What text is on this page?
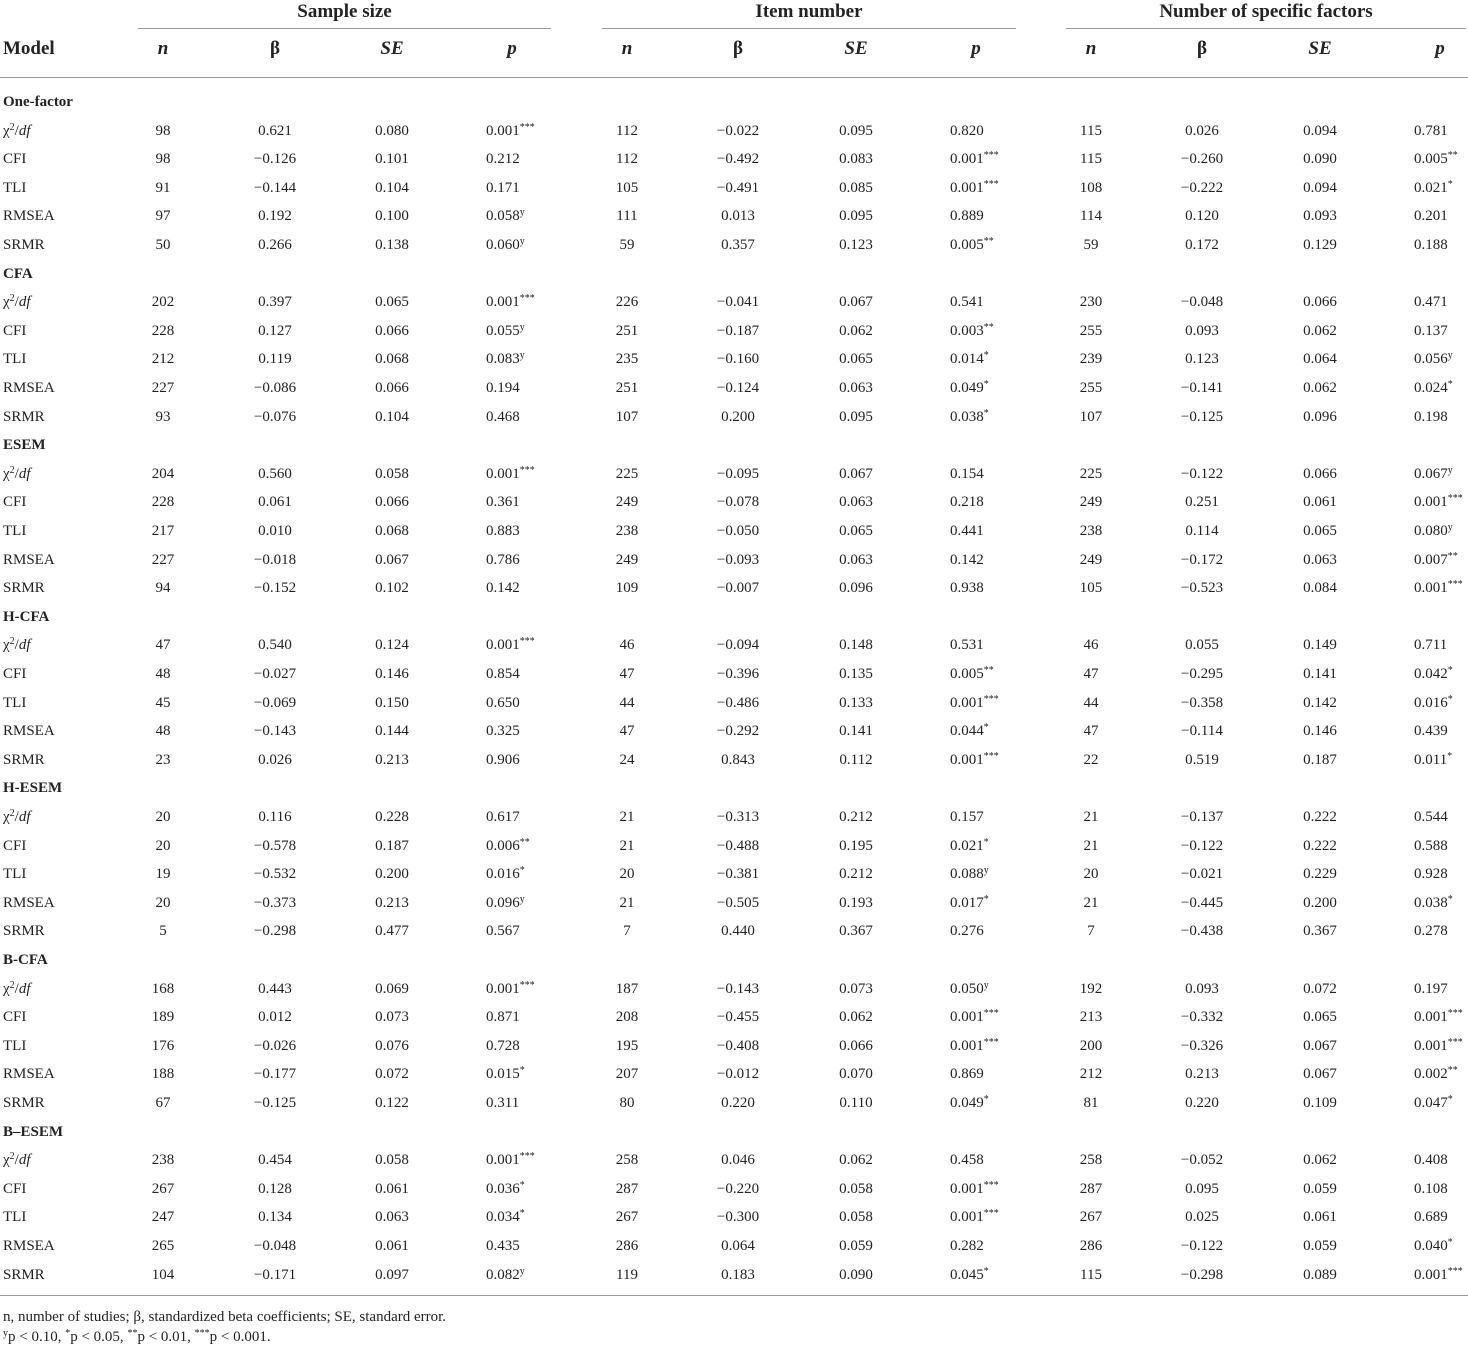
Sample size	Item number	Number of specific factors
Model	n	β	SE	p	n	β	SE	p	n	β	SE	p
One-factor
$\chi^2/df$	98	0.621	0.080	0.001***	112	−0.022	0.095	0.820	115	0.026	0.094	0.781
CFI	98	−0.126	0.101	0.212	112	−0.492	0.083	0.001***	115	−0.260	0.090	0.005**
TLI	91	−0.144	0.104	0.171	105	−0.491	0.085	0.001***	108	−0.222	0.094	0.021*
RMSEA	97	0.192	0.100	0.058$^y$	111	0.013	0.095	0.889	114	0.120	0.093	0.201
SRMR	50	0.266	0.138	0.060$^y$	59	0.357	0.123	0.005**	59	0.172	0.129	0.188
CFA
$\chi^2/df$	202	0.397	0.065	0.001***	226	−0.041	0.067	0.541	230	−0.048	0.066	0.471
CFI	228	0.127	0.066	0.055$^y$	251	−0.187	0.062	0.003**	255	0.093	0.062	0.137
TLI	212	0.119	0.068	0.083$^y$	235	−0.160	0.065	0.014*	239	0.123	0.064	0.056$^y$
RMSEA	227	−0.086	0.066	0.194	251	−0.124	0.063	0.049*	255	−0.141	0.062	0.024*
SRMR	93	−0.076	0.104	0.468	107	0.200	0.095	0.038*	107	−0.125	0.096	0.198
ESEM
$\chi^2/df$	204	0.560	0.058	0.001***	225	−0.095	0.067	0.154	225	−0.122	0.066	0.067$^y$
CFI	228	0.061	0.066	0.361	249	−0.078	0.063	0.218	249	0.251	0.061	0.001***
TLI	217	0.010	0.068	0.883	238	−0.050	0.065	0.441	238	0.114	0.065	0.080$^y$
RMSEA	227	−0.018	0.067	0.786	249	−0.093	0.063	0.142	249	−0.172	0.063	0.007**
SRMR	94	−0.152	0.102	0.142	109	−0.007	0.096	0.938	105	−0.523	0.084	0.001***
H-CFA
$\chi^2/df$	47	0.540	0.124	0.001***	46	−0.094	0.148	0.531	46	0.055	0.149	0.711
CFI	48	−0.027	0.146	0.854	47	−0.396	0.135	0.005**	47	−0.295	0.141	0.042*
TLI	45	−0.069	0.150	0.650	44	−0.486	0.133	0.001***	44	−0.358	0.142	0.016*
RMSEA	48	−0.143	0.144	0.325	47	−0.292	0.141	0.044*	47	−0.114	0.146	0.439
SRMR	23	0.026	0.213	0.906	24	0.843	0.112	0.001***	22	0.519	0.187	0.011*
H-ESEM
$\chi^2/df$	20	0.116	0.228	0.617	21	−0.313	0.212	0.157	21	−0.137	0.222	0.544
CFI	20	−0.578	0.187	0.006**	21	−0.488	0.195	0.021*	21	−0.122	0.222	0.588
TLI	19	−0.532	0.200	0.016*	20	−0.381	0.212	0.088$^y$	20	−0.021	0.229	0.928
RMSEA	20	−0.373	0.213	0.096$^y$	21	−0.505	0.193	0.017*	21	−0.445	0.200	0.038*
SRMR	5	−0.298	0.477	0.567	7	0.440	0.367	0.276	7	−0.438	0.367	0.278
B-CFA
$\chi^2/df$	168	0.443	0.069	0.001***	187	−0.143	0.073	0.050$^y$	192	0.093	0.072	0.197
CFI	189	0.012	0.073	0.871	208	−0.455	0.062	0.001***	213	−0.332	0.065	0.001***
TLI	176	−0.026	0.076	0.728	195	−0.408	0.066	0.001***	200	−0.326	0.067	0.001***
RMSEA	188	−0.177	0.072	0.015*	207	−0.012	0.070	0.869	212	0.213	0.067	0.002**
SRMR	67	−0.125	0.122	0.311	80	0.220	0.110	0.049*	81	0.220	0.109	0.047*
B–ESEM
$\chi^2/df$	238	0.454	0.058	0.001***	258	0.046	0.062	0.458	258	−0.052	0.062	0.408
CFI	267	0.128	0.061	0.036*	287	−0.220	0.058	0.001***	287	0.095	0.059	0.108
TLI	247	0.134	0.063	0.034*	267	−0.300	0.058	0.001***	267	0.025	0.061	0.689
RMSEA	265	−0.048	0.061	0.435	286	0.064	0.059	0.282	286	−0.122	0.059	0.040*
SRMR	104	−0.171	0.097	0.082$^y$	119	0.183	0.090	0.045*	115	−0.298	0.089	0.001***
n, number of studies; β, standardized beta coefficients; SE, standard error.
$^y$p < 0.10, *p < 0.05, **p < 0.01, ***p < 0.001.
